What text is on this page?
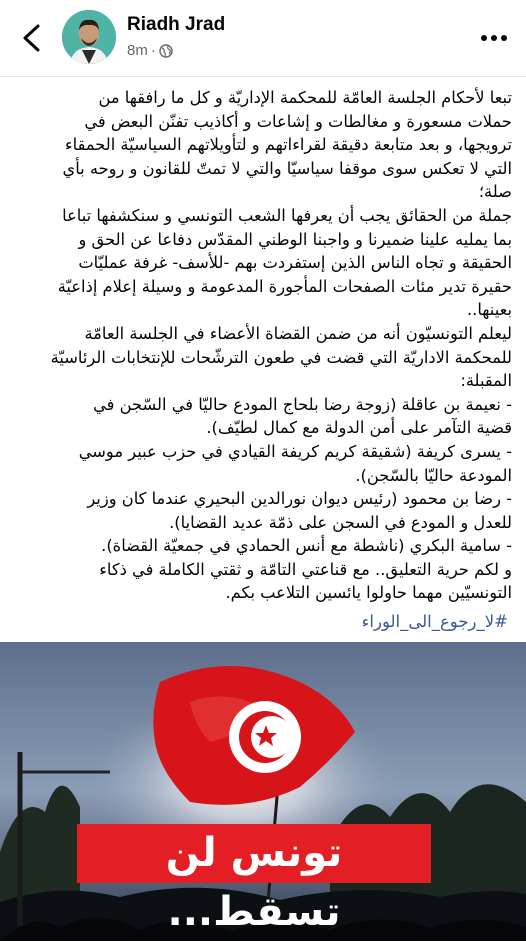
Riadh Jrad
8m ·
تبعا لأحكام الجلسة العامّة للمحكمة الإداريّة و كل ما رافقها من
حملات مسعورة و مغالطات و إشاعات و أكاذيب تفنّن البعض في
ترويجها، و بعد متابعة دقيقة لقراءاتهم و لتأويلاتهم السياسيّة الحمقاء
التي لا تعكس سوى موقفا سياسيّا والتي لا تمتّ للقانون و روحه بأي
صلة؛
جملة من الحقائق يجب أن يعرفها الشعب التونسي و سنكشفها تباعا
بما يمليه علينا ضميرنا و واجبنا الوطني المقدّس دفاعا عن الحق و
الحقيقة و تجاه الناس الذين إستفردت بهم -للأسف- غرفة عمليّات
حقيرة تدير مئات الصفحات المأجورة المدعومة و وسيلة إعلام إذاعيّة
بعينها..
ليعلم التونسيّون أنه من ضمن القضاة الأعضاء في الجلسة العامّة
للمحكمة الاداريّة التي قضت في طعون الترشّحات للإنتخابات الرئاسيّة
المقبلة:
- نعيمة بن عاقلة (زوجة رضا بلحاج المودع حاليّا في السّجن في
قضية التآمر على أمن الدولة مع كمال لطيّف).
- يسرى كريفة (شقيقة كريم كريفة القيادي في حزب عبير موسي
المودعة حاليّا بالسّجن).
- رضا بن محمود (رئيس ديوان نورالدين البحيري عندما كان وزير
للعدل و المودع في السجن على ذمّة عديد القضايا).
- سامية البكري (ناشطة مع أنس الحمادي في جمعيّة القضاة).
و لكم حرية التعليق.. مع قناعتي التامّة و ثقتي الكاملة في ذكاء
التونسيّين مهما حاولوا يائسين التلاعب بكم.
#لا_رجوع_الى_الوراء
تونس لن تسقط...
